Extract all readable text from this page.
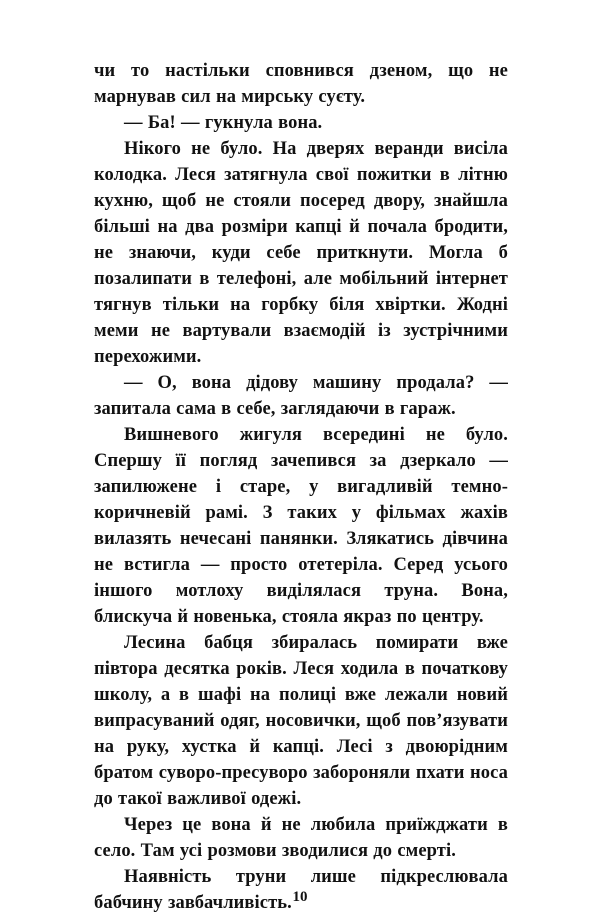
чи то настільки сповнився дзеном, що не марнував сил на мирську суєту.

— Ба! — гукнула вона.

Нікого не було. На дверях веранди висіла колодка. Леся затягнула свої пожитки в літню кухню, щоб не стояли посеред двору, знайшла більші на два розміри капці й почала бродити, не знаючи, куди себе приткнути. Могла б позалипати в телефоні, але мобільний інтернет тягнув тільки на горбку біля хвіртки. Жодні меми не вартували взаємодій із зустрічними перехожими.

— О, вона дідову машину продала? — запитала сама в себе, заглядаючи в гараж.

Вишневого жигуля всередині не було. Спершу її погляд зачепився за дзеркало — запилюжене і старе, у вигадливій темно-коричневій рамі. З таких у фільмах жахів вилазять нечесані панянки. Злякатись дівчина не встигла — просто отетеріла. Серед усього іншого мотлоху виділялася труна. Вона, блискуча й новенька, стояла якраз по центру.

Лесина бабця збиралась помирати вже півтора десятка років. Леся ходила в початкову школу, а в шафі на полиці вже лежали новий випрасуваний одяг, носовички, щоб пов’язувати на руку, хустка й капці. Лесі з двоюрідним братом суворо-пресуворо забороняли пхати носа до такої важливої одежі.

Через це вона й не любила приїжджати в село. Там усі розмови зводилися до смерті.

Наявність труни лише підкреслювала бабчину завбачливість. 10
